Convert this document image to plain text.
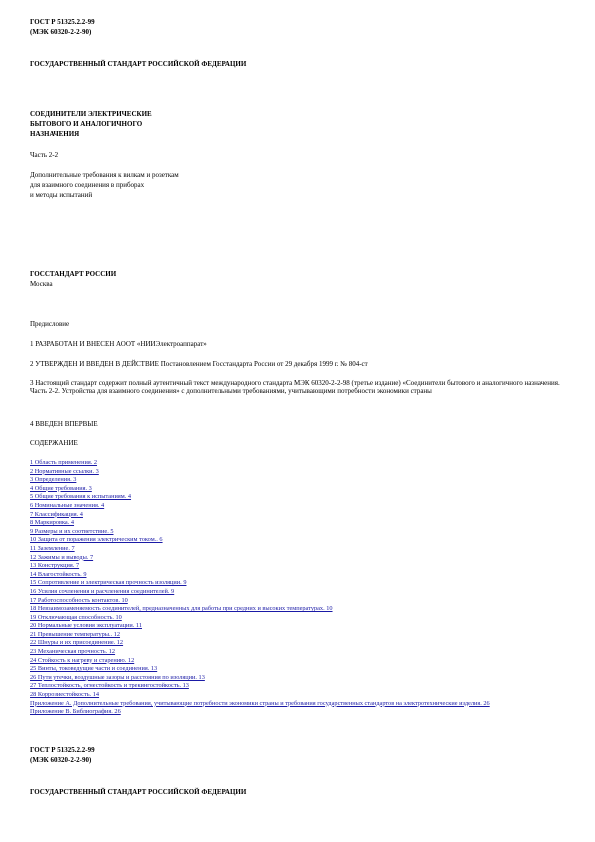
ГОСТ Р 51325.2.2-99
(МЭК 60320-2-2-90)
ГОСУДАРСТВЕННЫЙ СТАНДАРТ РОССИЙСКОЙ ФЕДЕРАЦИИ
СОЕДИНИТЕЛИ ЭЛЕКТРИЧЕСКИЕ
БЫТОВОГО И АНАЛОГИЧНОГО
НАЗНАЧЕНИЯ
Часть 2-2
Дополнительные требования к вилкам и розеткам
для взаимного соединения в приборах
и методы испытаний
ГОССТАНДАРТ РОССИИ
Москва
Предисловие
1 РАЗРАБОТАН И ВНЕСЕН АООТ «НИИЭлектроаппарат»
2 УТВЕРЖДЕН И ВВЕДЕН В ДЕЙСТВИЕ Постановлением Госстандарта России от 29 декабря 1999 г. № 804-ст
3 Настоящий стандарт содержит полный аутентичный текст международного стандарта МЭК 60320-2-2-98 (третье издание) «Соединители бытового и аналогичного назначения. Часть 2-2. Устройства для взаимного соединения» с дополнительными требованиями, учитывающими потребности экономики страны
4 ВВЕДЕН ВПЕРВЫЕ
СОДЕРЖАНИЕ
1 Область применения. 2
2 Нормативные ссылки. 3
3 Определения. 3
4 Общие требования. 3
5 Общие требования к испытаниям. 4
6 Номинальные значения. 4
7 Классификация. 4
8 Маркировка. 4
9 Размеры и их соответствие. 5
10 Защита от поражения электрическим током.. 6
11 Заземление. 7
12 Зажимы и выводы. 7
13 Конструкция. 7
14 Влагостойкость. 9
15 Сопротивление и электрическая прочность изоляции. 9
16 Усилия сочленения и расчленения соединителей. 9
17 Работоспособность контактов. 10
18 Невзаимозаменяемость соединителей, предназначенных для работы при средних и высоких температурах. 10
19 Отключающая способность. 10
20 Нормальные условия эксплуатации. 11
21 Превышение температуры.. 12
22 Шнуры и их присоединение. 12
23 Механическая прочность. 12
24 Стойкость к нагреву и старению. 12
25 Винты, токоведущие части и соединения. 13
26 Пути утечки, воздушные зазоры и расстояния по изоляции. 13
27 Теплостойкость, огнестойкость и трекингостойкость. 13
28 Коррозиестойкость. 14
Приложение А. Дополнительные требования, учитывающие потребности экономики страны и требования государственных стандартов на электротехнические изделия. 26
Приложение В. Библиография. 26
ГОСТ Р 51325.2.2-99
(МЭК 60320-2-2-90)
ГОСУДАРСТВЕННЫЙ СТАНДАРТ РОССИЙСКОЙ ФЕДЕРАЦИИ
